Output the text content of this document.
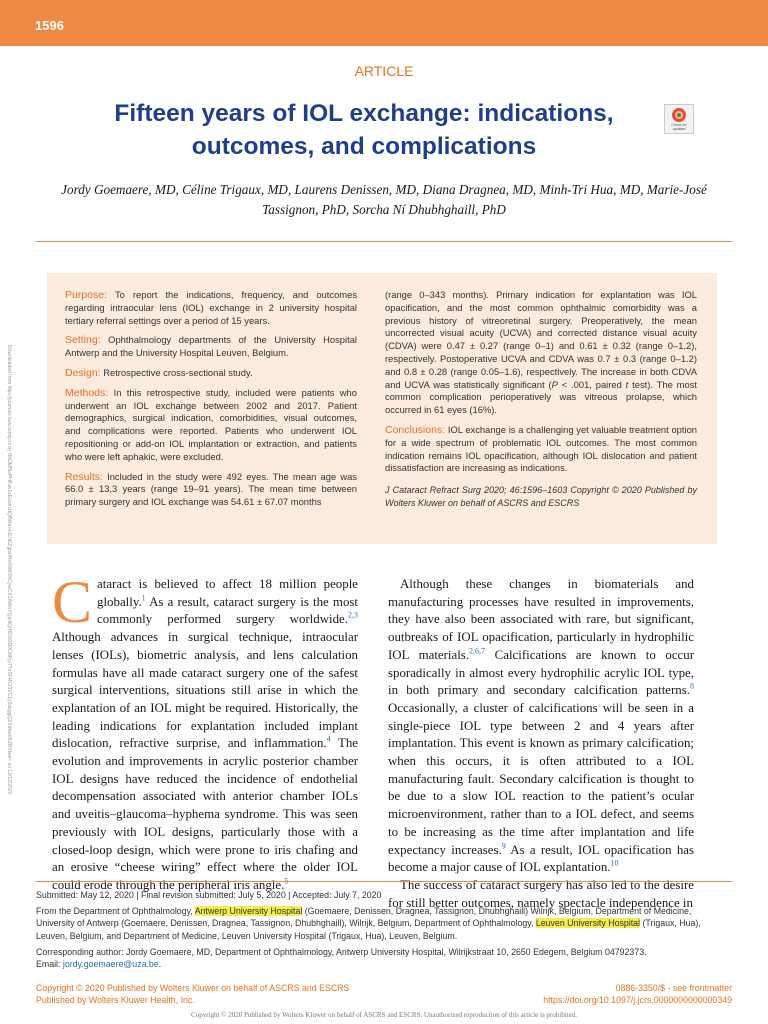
1596
ARTICLE
Fifteen years of IOL exchange: indications, outcomes, and complications
Check for updates

Jordy Goemaere, MD, Céline Trigaux, MD, Laurens Denissen, MD, Diana Dragnea, MD, Minh-Tri Hua, MD, Marie-José Tassignon, PhD, Sorcha Ní Dhubhghaill, PhD

Downloaded from http://journals.lww.com/jcrs by BhDMf5ePHKav1zEoum1tQfN4a+kJLhEZgbsIHo4XMi0hCywCX1AWnYQp/IlQrHD3i3D0OdRyi7TvSFl4Cf3VC1y0abggQZXdtwnfKZBYtws= on 12/12/2020

Purpose: To report the indications, frequency, and outcomes regarding intraocular lens (IOL) exchange in 2 university hospital tertiary referral settings over a period of 15 years.

Setting: Ophthalmology departments of the University Hospital Antwerp and the University Hospital Leuven, Belgium.

Design: Retrospective cross-sectional study.

Methods: In this retrospective study, included were patients who underwent an IOL exchange between 2002 and 2017. Patient demographics, surgical indication, comorbidities, visual outcomes, and complications were reported. Patients who underwent IOL repositioning or add-on IOL implantation or extraction, and patients who were left aphakic, were excluded.

Results: Included in the study were 492 eyes. The mean age was 66.0 ± 13.3 years (range 19–91 years). The mean time between primary surgery and IOL exchange was 54.61 ± 67.07 months

(range 0–343 months). Primary indication for explantation was IOL opacification, and the most common ophthalmic comorbidity was a previous history of vitreoretinal surgery. Preoperatively, the mean uncorrected visual acuity (UCVA) and corrected distance visual acuity (CDVA) were 0.47 ± 0.27 (range 0–1) and 0.61 ± 0.32 (range 0–1.2), respectively. Postoperative UCVA and CDVA was 0.7 ± 0.3 (range 0–1.2) and 0.8 ± 0.28 (range 0.05–1.6), respectively. The increase in both CDVA and UCVA was statistically significant (P < .001, paired t test). The most common complication perioperatively was vitreous prolapse, which occurred in 61 eyes (16%).

Conclusions: IOL exchange is a challenging yet valuable treatment option for a wide spectrum of problematic IOL outcomes. The most common indication remains IOL opacification, although IOL dislocation and patient dissatisfaction are increasing as indications.

J Cataract Refract Surg 2020; 46:1596–1603 Copyright © 2020 Published by Wolters Kluwer on behalf of ASCRS and ESCRS

Cataract is believed to affect 18 million people globally.$^1$ As a result, cataract surgery is the most commonly performed surgery worldwide.$^{2,3}$ Although advances in surgical technique, intraocular lenses (IOLs), biometric analysis, and lens calculation formulas have all made cataract surgery one of the safest surgical interventions, situations still arise in which the explantation of an IOL might be required. Historically, the leading indications for explantation included implant dislocation, refractive surprise, and inflammation.$^4$ The evolution and improvements in acrylic posterior chamber IOL designs have reduced the incidence of endothelial decompensation associated with anterior chamber IOLs and uveitis–glaucoma–hyphema syndrome. This was seen previously with IOL designs, particularly those with a closed-loop design, which were prone to iris chafing and an erosive “cheese wiring” effect where the older IOL could erode through the peripheral iris angle.$^5$

Although these changes in biomaterials and manufacturing processes have resulted in improvements, they have also been associated with rare, but significant, outbreaks of IOL opacification, particularly in hydrophilic IOL materials.$^{2,6,7}$ Calcifications are known to occur sporadically in almost every hydrophilic acrylic IOL type, in both primary and secondary calcification patterns.$^8$ Occasionally, a cluster of calcifications will be seen in a single-piece IOL type between 2 and 4 years after implantation. This event is known as primary calcification; when this occurs, it is often attributed to a IOL manufacturing fault. Secondary calcification is thought to be due to a slow IOL reaction to the patient’s ocular microenvironment, rather than to a IOL defect, and seems to be increasing as the time after implantation and life expectancy increases.$^9$ As a result, IOL opacification has become a major cause of IOL explantation.$^{10}$

The success of cataract surgery has also led to the desire for still better outcomes, namely spectacle independence in

Submitted: May 12, 2020 | Final revision submitted: July 5, 2020 | Accepted: July 7, 2020

From the Department of Ophthalmology, Antwerp University Hospital (Goemaere, Denissen, Dragnea, Tassignon, Dhubhghaill) Wilrijk, Belgium, Department of Medicine, University of Antwerp (Goemaere, Denissen, Dragnea, Tassignon, Dhubhghaill), Wilrijk, Belgium, Department of Ophthalmology, Leuven University Hospital (Trigaux, Hua), Leuven, Belgium, and Department of Medicine, Leuven University Hospital (Trigaux, Hua), Leuven, Belgium.

Corresponding author: Jordy Goemaere, MD, Department of Ophthalmology, Antwerp University Hospital, Wilrijkstraat 10, 2650 Edegem, Belgium 04792373.
Email: jordy.goemaere@uza.be.

Copyright © 2020 Published by Wolters Kluwer on behalf of ASCRS and ESCRS
Published by Wolters Kluwer Health, Inc.
0886-3350/$ - see frontmatter
https://doi.org/10.1097/j.jcrs.0000000000000349
Copyright © 2020 Published by Wolters Kluwer on behalf of ASCRS and ESCRS. Unauthorized reproduction of this article is prohibited.
